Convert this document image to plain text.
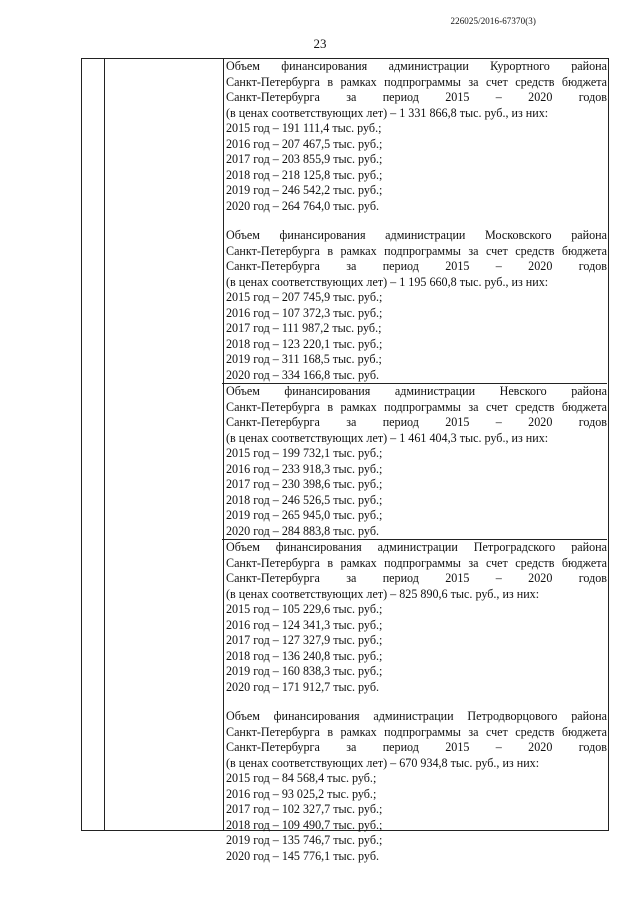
226025/2016-67370(3)
23
Объем финансирования администрации Курортного района
Санкт-Петербурга в рамках подпрограммы за счет средств бюджета
Санкт-Петербурга за период 2015 – 2020 годов
(в ценах соответствующих лет) – 1 331 866,8 тыс. руб., из них:
2015 год – 191 111,4 тыс. руб.;
2016 год – 207 467,5 тыс. руб.;
2017 год – 203 855,9 тыс. руб.;
2018 год – 218 125,8 тыс. руб.;
2019 год – 246 542,2 тыс. руб.;
2020 год – 264 764,0 тыс. руб.
Объем финансирования администрации Московского района
Санкт-Петербурга в рамках подпрограммы за счет средств бюджета
Санкт-Петербурга за период 2015 – 2020 годов
(в ценах соответствующих лет) – 1 195 660,8 тыс. руб., из них:
2015 год – 207 745,9 тыс. руб.;
2016 год – 107 372,3 тыс. руб.;
2017 год – 111 987,2 тыс. руб.;
2018 год – 123 220,1 тыс. руб.;
2019 год – 311 168,5 тыс. руб.;
2020 год – 334 166,8 тыс. руб.
Объем финансирования администрации Невского района
Санкт-Петербурга в рамках подпрограммы за счет средств бюджета
Санкт-Петербурга за период 2015 – 2020 годов
(в ценах соответствующих лет) – 1 461 404,3 тыс. руб., из них:
2015 год – 199 732,1 тыс. руб.;
2016 год – 233 918,3 тыс. руб.;
2017 год – 230 398,6 тыс. руб.;
2018 год – 246 526,5 тыс. руб.;
2019 год – 265 945,0 тыс. руб.;
2020 год – 284 883,8 тыс. руб.
Объем финансирования администрации Петроградского района
Санкт-Петербурга в рамках подпрограммы за счет средств бюджета
Санкт-Петербурга за период 2015 – 2020 годов
(в ценах соответствующих лет) – 825 890,6 тыс. руб., из них:
2015 год – 105 229,6 тыс. руб.;
2016 год – 124 341,3 тыс. руб.;
2017 год – 127 327,9 тыс. руб.;
2018 год – 136 240,8 тыс. руб.;
2019 год – 160 838,3 тыс. руб.;
2020 год – 171 912,7 тыс. руб.
Объем финансирования администрации Петродворцового района
Санкт-Петербурга в рамках подпрограммы за счет средств бюджета
Санкт-Петербурга за период 2015 – 2020 годов
(в ценах соответствующих лет) – 670 934,8 тыс. руб., из них:
2015 год – 84 568,4 тыс. руб.;
2016 год – 93 025,2 тыс. руб.;
2017 год – 102 327,7 тыс. руб.;
2018 год – 109 490,7 тыс. руб.;
2019 год – 135 746,7 тыс. руб.;
2020 год – 145 776,1 тыс. руб.
